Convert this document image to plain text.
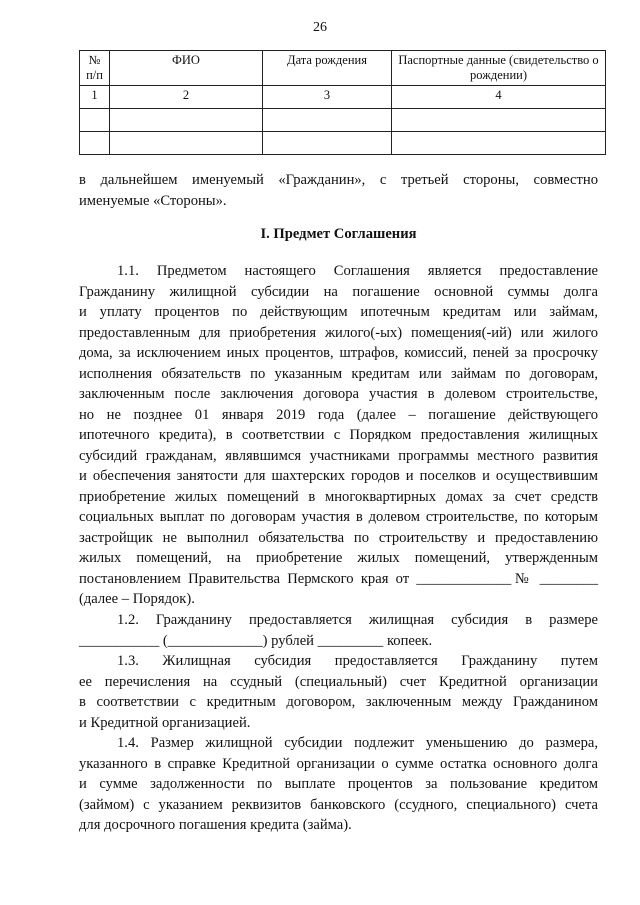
26
№ п/п	ФИО	Дата рождения	Паспортные данные (свидетельство о рождении)
1	2	3	4

в дальнейшем именуемый «Гражданин», с третьей стороны, совместно

именуемые «Стороны».

I. Предмет Соглашения

1.1. Предметом настоящего Соглашения является предоставление

Гражданину жилищной субсидии на погашение основной суммы долга

и уплату процентов по действующим ипотечным кредитам или займам,

предоставленным для приобретения жилого(-ых) помещения(-ий) или жилого

дома, за исключением иных процентов, штрафов, комиссий, пеней за просрочку

исполнения обязательств по указанным кредитам или займам по договорам,

заключенным после заключения договора участия в долевом строительстве,

но не позднее 01 января 2019 года (далее – погашение действующего

ипотечного кредита), в соответствии с Порядком предоставления жилищных

субсидий гражданам, являвшимся участниками программы местного развития

и обеспечения занятости для шахтерских городов и поселков и осуществившим

приобретение жилых помещений в многоквартирных домах за счет средств

социальных выплат по договорам участия в долевом строительстве, по которым

застройщик не выполнил обязательства по строительству и предоставлению

жилых помещений, на приобретение жилых помещений, утвержденным

постановлением Правительства Пермского края от _____________№ ________

(далее – Порядок).

1.2. Гражданину предоставляется жилищная субсидия в размере

___________ (_____________) рублей _________ копеек.

1.3. Жилищная субсидия предоставляется Гражданину путем

ее перечисления на ссудный (специальный) счет Кредитной организации

в соответствии с кредитным договором, заключенным между Гражданином

и Кредитной организацией.

1.4. Размер жилищной субсидии подлежит уменьшению до размера,

указанного в справке Кредитной организации о сумме остатка основного долга

и сумме задолженности по выплате процентов за пользование кредитом

(займом) с указанием реквизитов банковского (ссудного, специального) счета

для досрочного погашения кредита (займа).
